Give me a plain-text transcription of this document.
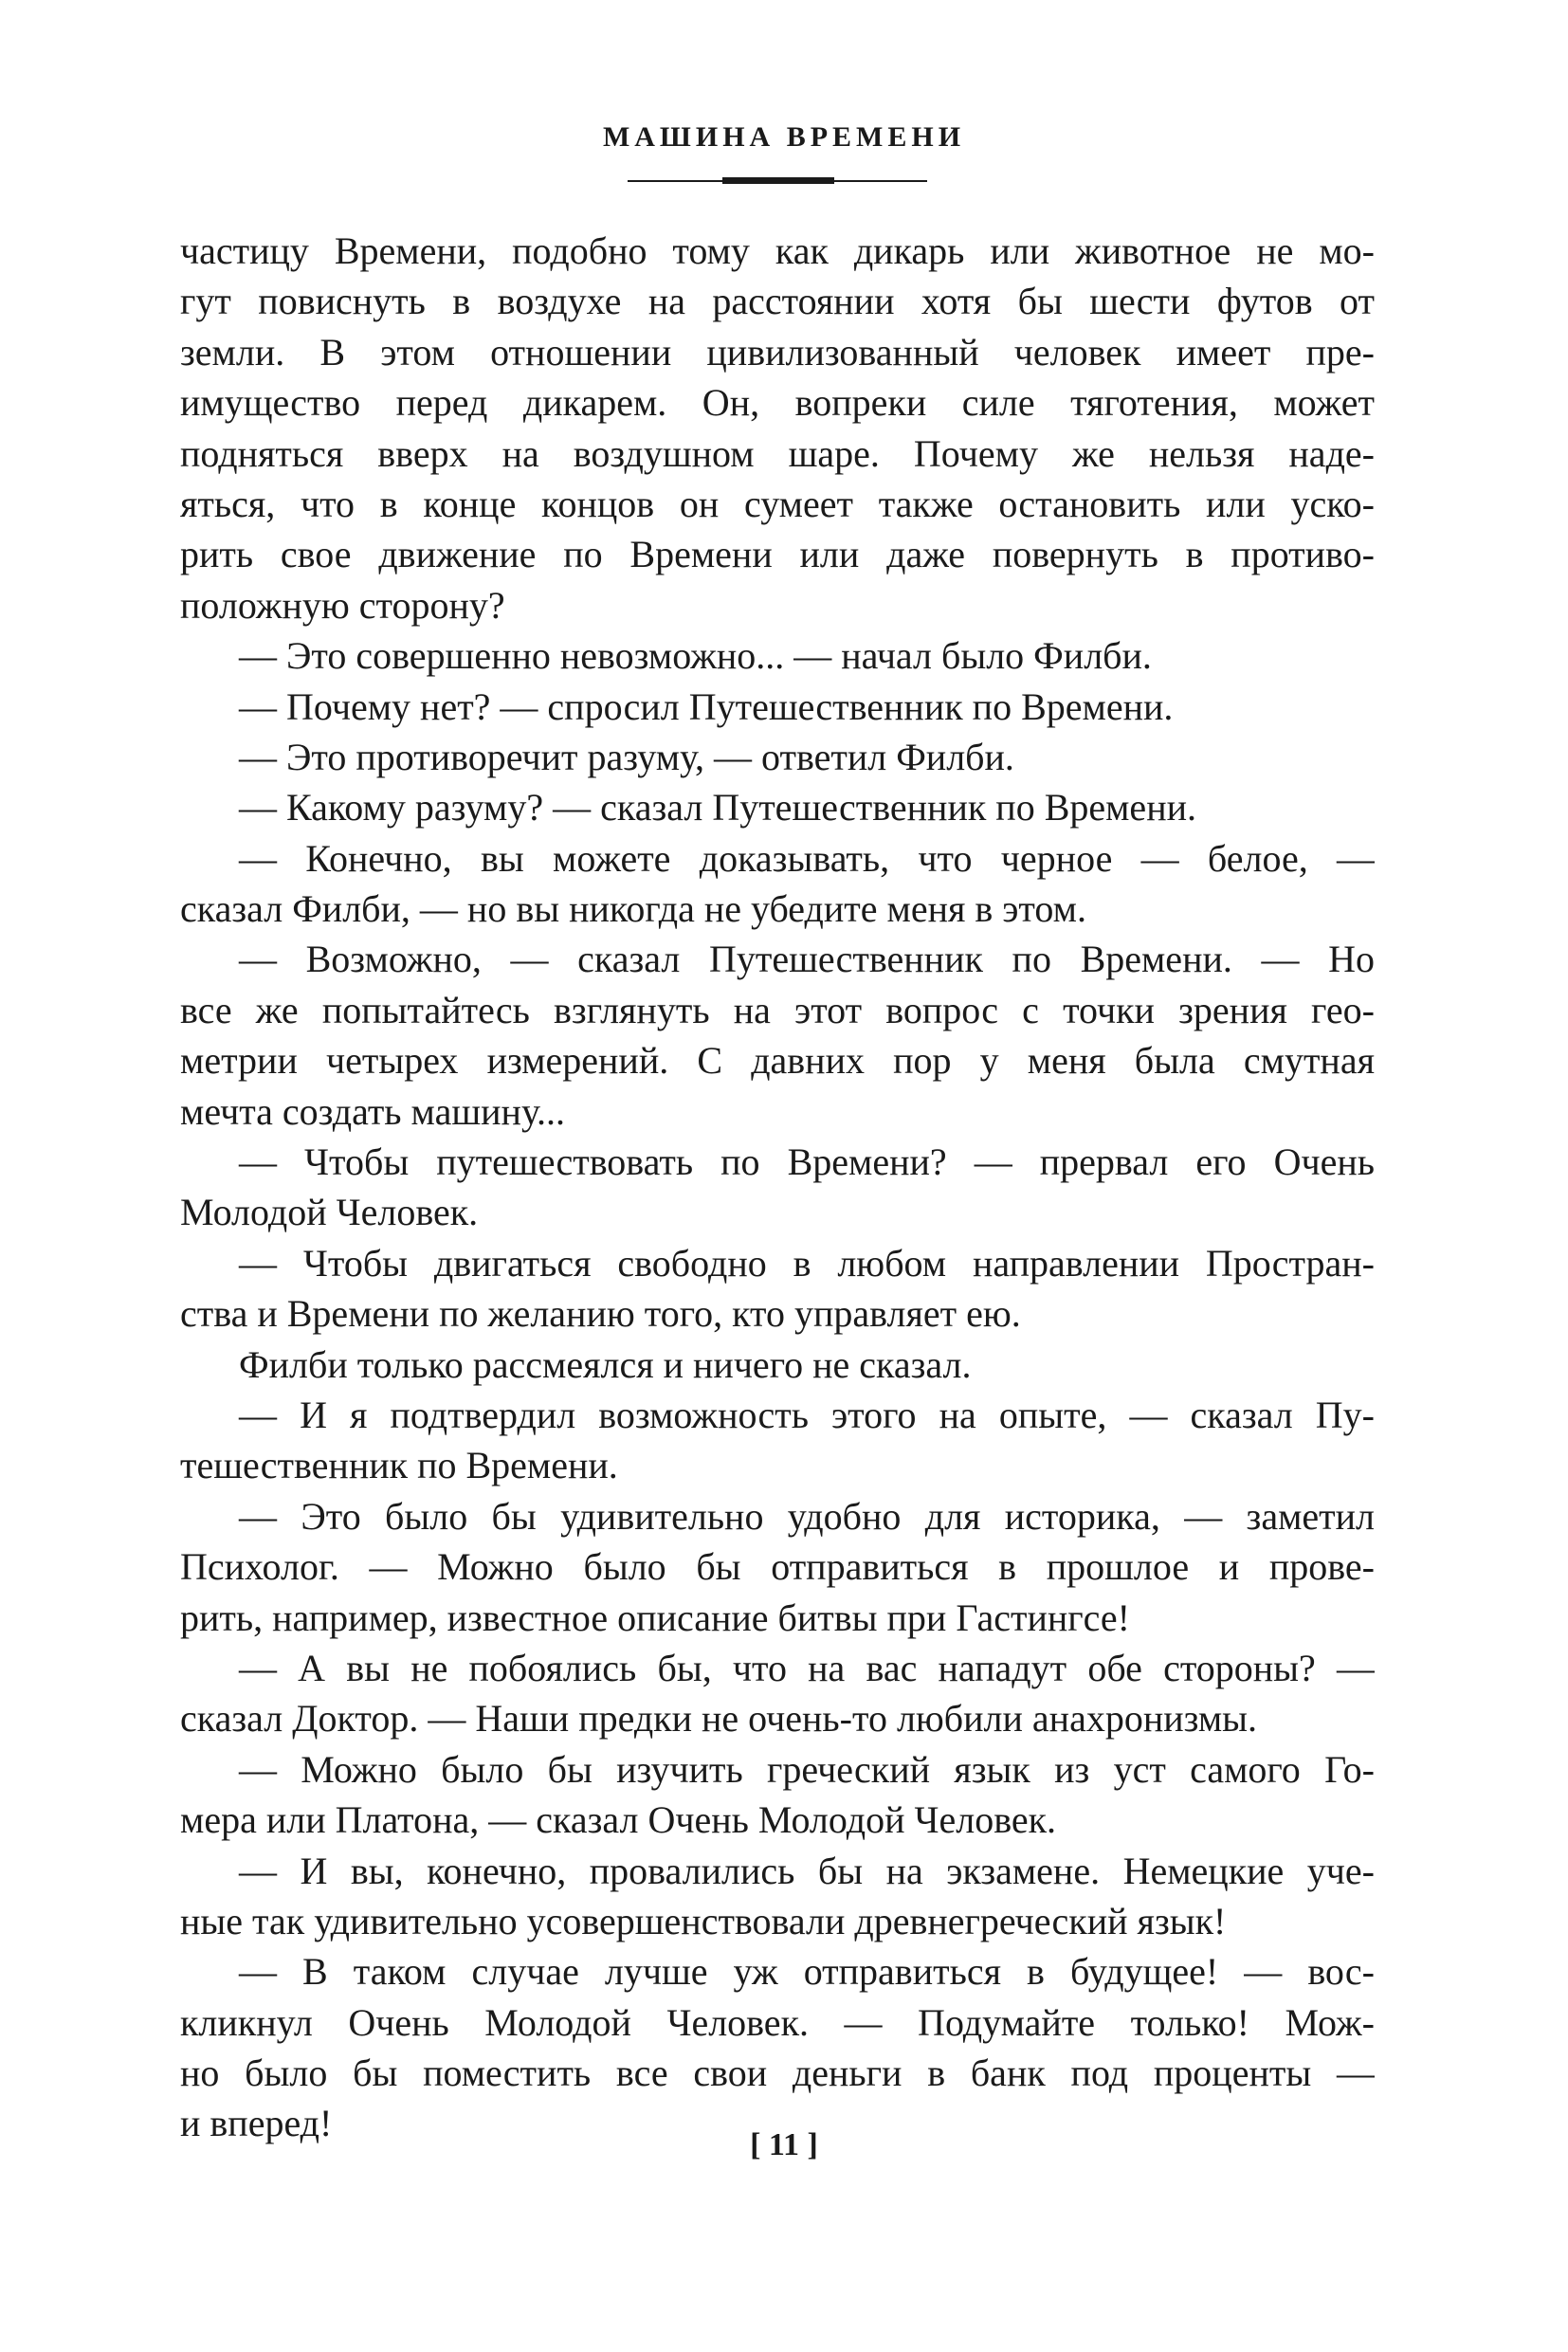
МАШИНА ВРЕМЕНИ
частицу Времени, подобно тому как дикарь или животное не мо-
гут повиснуть в воздухе на расстоянии хотя бы шести футов от
земли. В этом отношении цивилизованный человек имеет пре-
имущество перед дикарем. Он, вопреки силе тяготения, может
подняться вверх на воздушном шаре. Почему же нельзя наде-
яться, что в конце концов он сумеет также остановить или уско-
рить свое движение по Времени или даже повернуть в противо-
положную сторону?
— Это совершенно невозможно... — начал было Филби.
— Почему нет? — спросил Путешественник по Времени.
— Это противоречит разуму, — ответил Филби.
— Какому разуму? — сказал Путешественник по Времени.
— Конечно, вы можете доказывать, что черное — белое, —
сказал Филби, — но вы никогда не убедите меня в этом.
— Возможно, — сказал Путешественник по Времени. — Но
все же попытайтесь взглянуть на этот вопрос с точки зрения гео-
метрии четырех измерений. С давних пор у меня была смутная
мечта создать машину...
— Чтобы путешествовать по Времени? — прервал его Очень
Молодой Человек.
— Чтобы двигаться свободно в любом направлении Простран-
ства и Времени по желанию того, кто управляет ею.
Филби только рассмеялся и ничего не сказал.
— И я подтвердил возможность этого на опыте, — сказал Пу-
тешественник по Времени.
— Это было бы удивительно удобно для историка, — заметил
Психолог. — Можно было бы отправиться в прошлое и прове-
рить, например, известное описание битвы при Гастингсе!
— А вы не побоялись бы, что на вас нападут обе стороны? —
сказал Доктор. — Наши предки не очень-то любили анахронизмы.
— Можно было бы изучить греческий язык из уст самого Го-
мера или Платона, — сказал Очень Молодой Человек.
— И вы, конечно, провалились бы на экзамене. Немецкие уче-
ные так удивительно усовершенствовали древнегреческий язык!
— В таком случае лучше уж отправиться в будущее! — вос-
кликнул Очень Молодой Человек. — Подумайте только! Мож-
но было бы поместить все свои деньги в банк под проценты —
и вперед!
[ 11 ]
